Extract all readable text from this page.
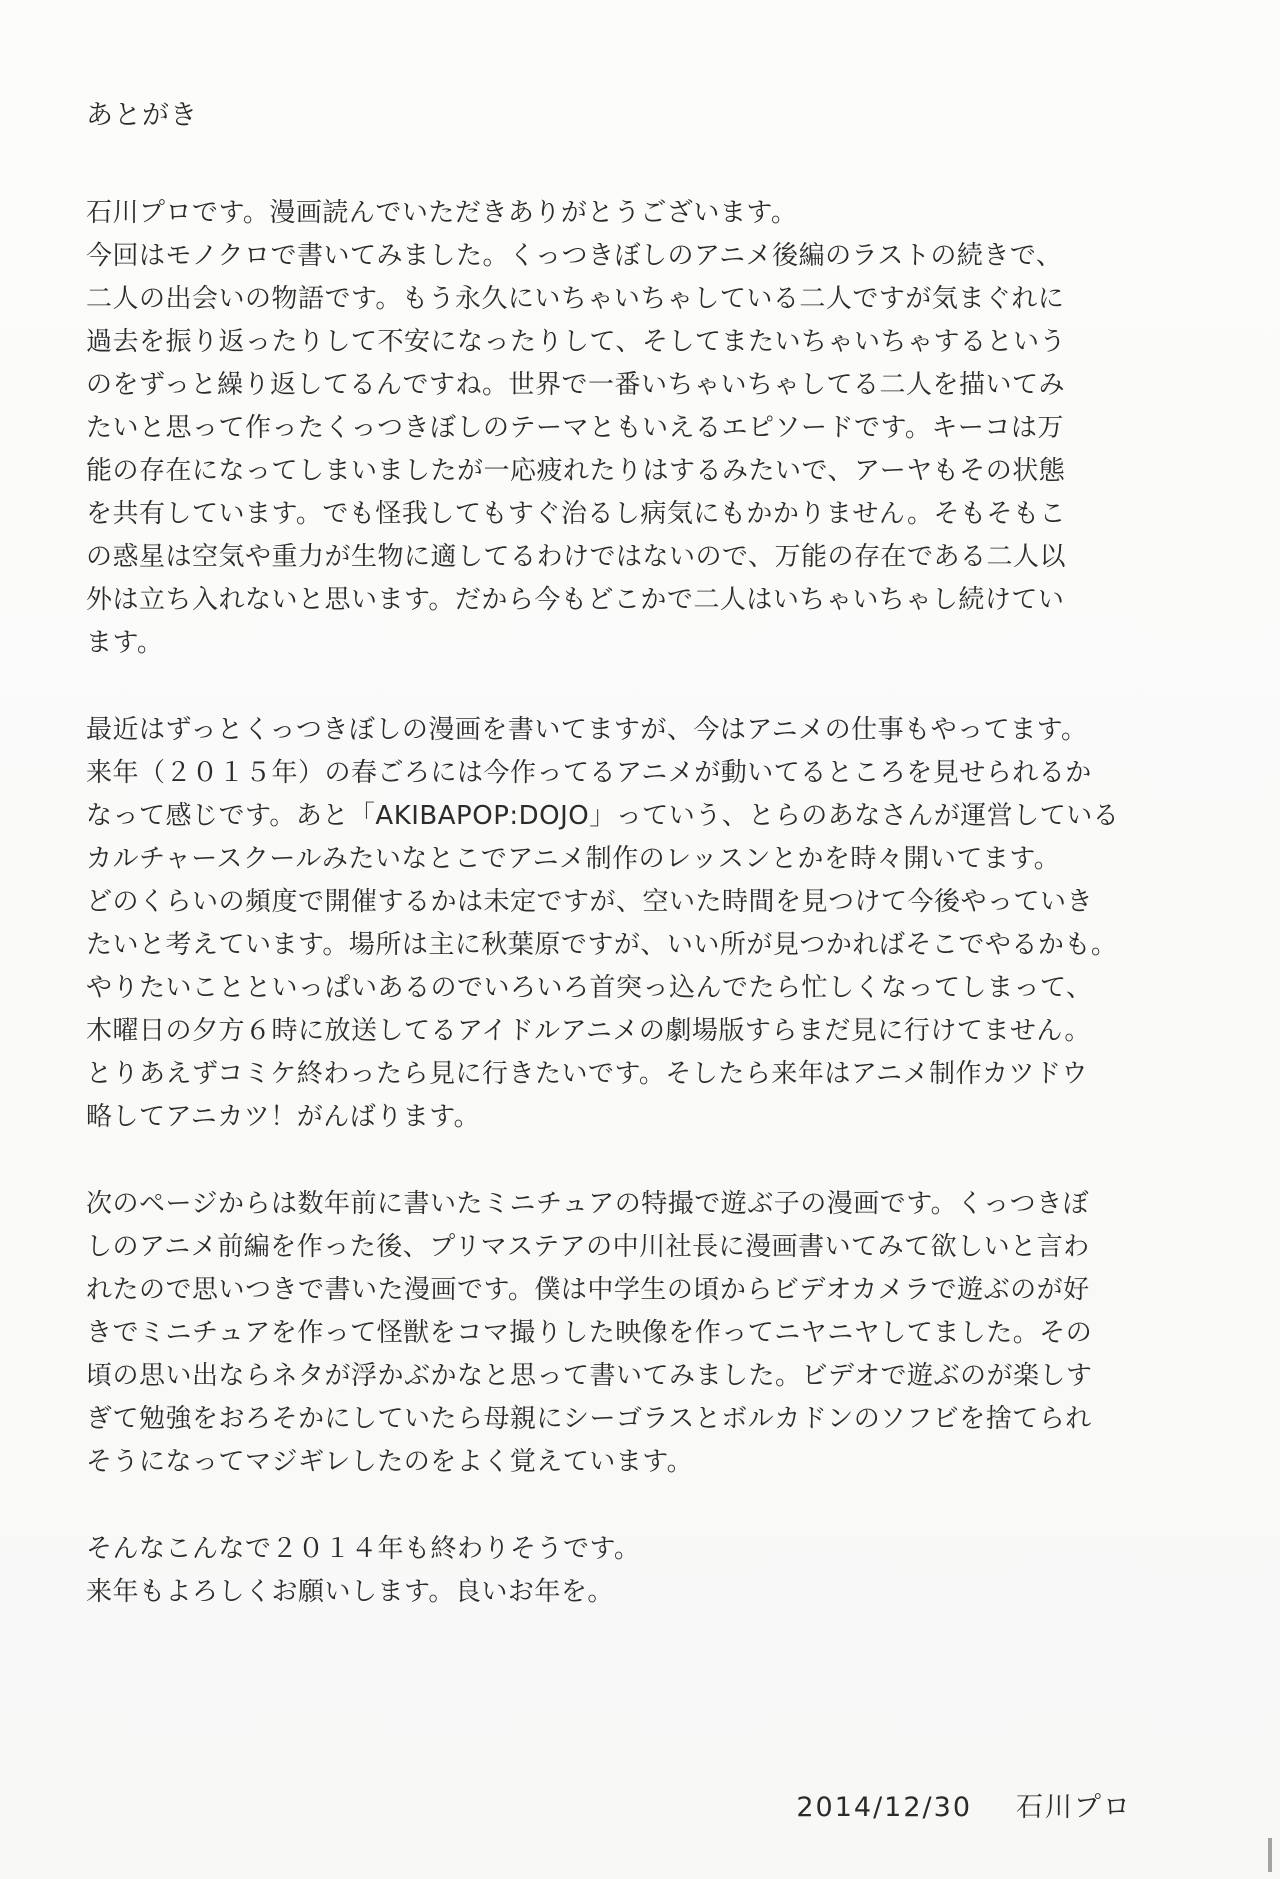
あとがき
石川プロです。漫画読んでいただきありがとうございます。
今回はモノクロで書いてみました。くっつきぼしのアニメ後編のラストの続きで、
二人の出会いの物語です。もう永久にいちゃいちゃしている二人ですが気まぐれに
過去を振り返ったりして不安になったりして、そしてまたいちゃいちゃするという
のをずっと繰り返してるんですね。世界で一番いちゃいちゃしてる二人を描いてみ
たいと思って作ったくっつきぼしのテーマともいえるエピソードです。キーコは万
能の存在になってしまいましたが一応疲れたりはするみたいで、アーヤもその状態
を共有しています。でも怪我してもすぐ治るし病気にもかかりません。そもそもこ
の惑星は空気や重力が生物に適してるわけではないので、万能の存在である二人以
外は立ち入れないと思います。だから今もどこかで二人はいちゃいちゃし続けてい
ます。
最近はずっとくっつきぼしの漫画を書いてますが、今はアニメの仕事もやってます。
来年（２０１５年）の春ごろには今作ってるアニメが動いてるところを見せられるか
なって感じです。あと「AKIBAPOP:DOJO」っていう、とらのあなさんが運営している
カルチャースクールみたいなとこでアニメ制作のレッスンとかを時々開いてます。
どのくらいの頻度で開催するかは未定ですが、空いた時間を見つけて今後やっていき
たいと考えています。場所は主に秋葉原ですが、いい所が見つかればそこでやるかも。
やりたいことといっぱいあるのでいろいろ首突っ込んでたら忙しくなってしまって、
木曜日の夕方６時に放送してるアイドルアニメの劇場版すらまだ見に行けてません。
とりあえずコミケ終わったら見に行きたいです。そしたら来年はアニメ制作カツドウ
略してアニカツ！がんばります。
次のページからは数年前に書いたミニチュアの特撮で遊ぶ子の漫画です。くっつきぼ
しのアニメ前編を作った後、プリマステアの中川社長に漫画書いてみて欲しいと言わ
れたので思いつきで書いた漫画です。僕は中学生の頃からビデオカメラで遊ぶのが好
きでミニチュアを作って怪獣をコマ撮りした映像を作ってニヤニヤしてました。その
頃の思い出ならネタが浮かぶかなと思って書いてみました。ビデオで遊ぶのが楽しす
ぎて勉強をおろそかにしていたら母親にシーゴラスとボルカドンのソフビを捨てられ
そうになってマジギレしたのをよく覚えています。
そんなこんなで２０１４年も終わりそうです。
来年もよろしくお願いします。良いお年を。
2014/12/30 石川プロ
